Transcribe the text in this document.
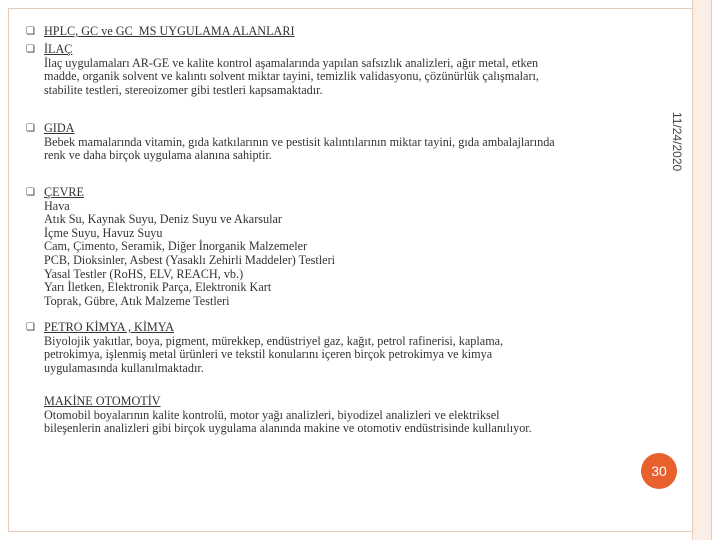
11/24/2020
❏ HPLC, GC ve GC_MS UYGULAMA ALANLARI
❏ İLAÇ
İlaç uygulamaları AR-GE ve kalite kontrol aşamalarında yapılan safsızlık analizleri, ağır metal, etken
madde, organik solvent ve kalıntı solvent miktar tayini, temizlik validasyonu, çözünürlük çalışmaları,
stabilite testleri, stereoizomer gibi testleri kapsamaktadır.
❏ GIDA
Bebek mamalarında vitamin, gıda katkılarının ve pestisit kalıntılarının miktar tayini, gıda ambalajlarında
renk ve daha birçok uygulama alanına sahiptir.
❏ ÇEVRE
Hava
Atık Su, Kaynak Suyu, Deniz Suyu ve Akarsular
İçme Suyu, Havuz Suyu
Cam, Çimento, Seramik, Diğer İnorganik Malzemeler
PCB, Dioksinler, Asbest (Yasaklı Zehirli Maddeler) Testleri
Yasal Testler (RoHS, ELV, REACH, vb.)
Yarı İletken, Elektronik Parça, Elektronik Kart
Toprak, Gübre, Atık Malzeme Testleri
❏ PETRO KİMYA , KİMYA
Biyolojik yakıtlar, boya, pigment, mürekkep, endüstriyel gaz, kağıt, petrol rafinerisi, kaplama,
petrokimya, işlenmiş metal ürünleri ve tekstil konularını içeren birçok petrokimya ve kimya
uygulamasında kullanılmaktadır.
MAKİNE OTOMOTİV
Otomobil boyalarının kalite kontrolü, motor yağı analizleri, biyodizel analizleri ve elektriksel
bileşenlerin analizleri gibi birçok uygulama alanında makine ve otomotiv endüstrisinde kullanılıyor.
30
